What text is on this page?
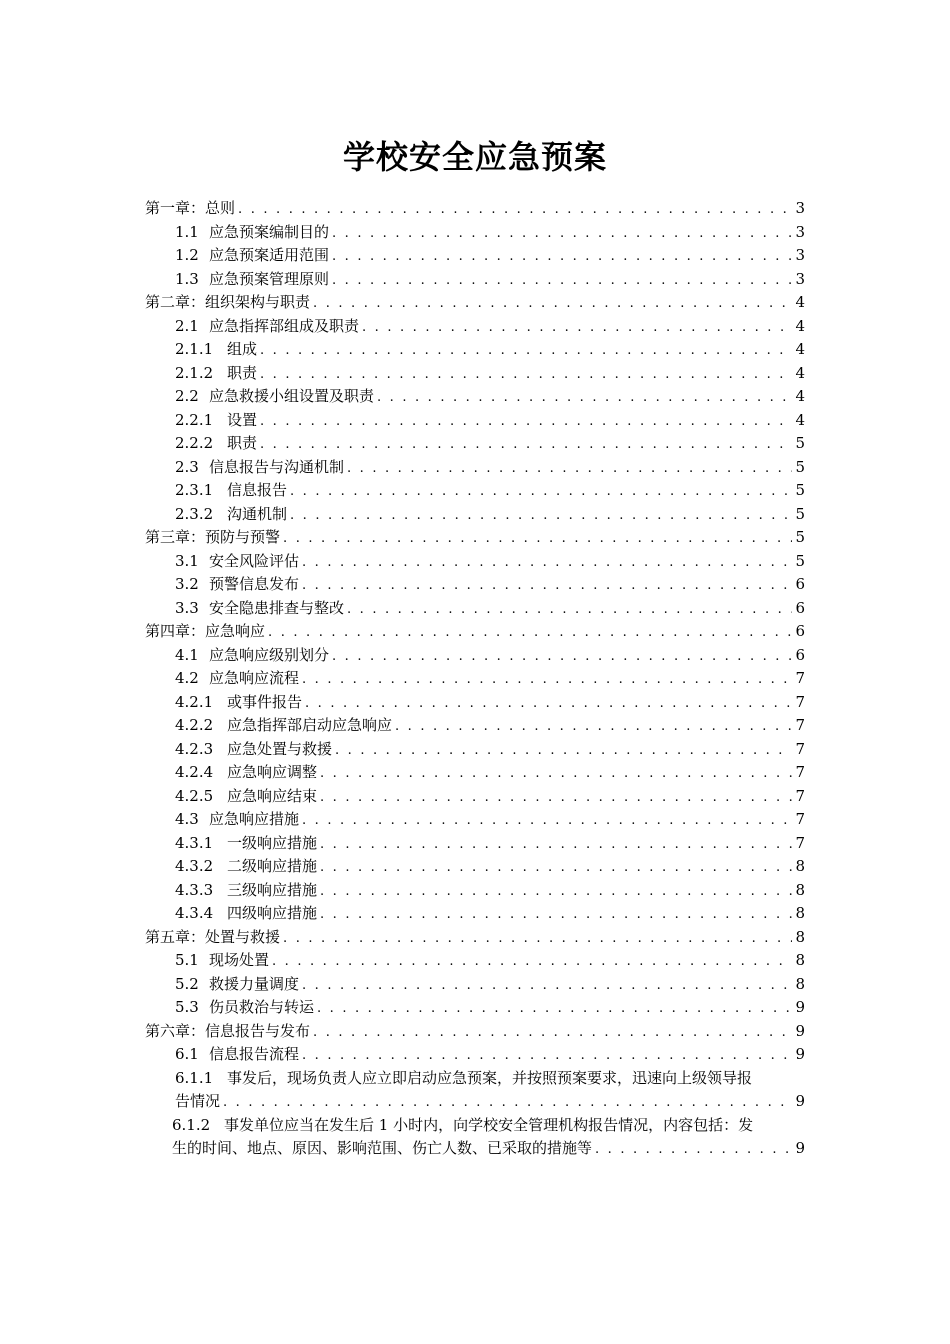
学校安全应急预案
第一章： 总则 . . .	3
1.1 应急预案编制目的 . . .	3
1.2 应急预案适用范围 . . .	3
1.3 应急预案管理原则 . . .	3
第二章： 组织架构与职责 . . .	4
2.1 应急指挥部组成及职责 . . .	4
2.1.1 组成 . . .	4
2.1.2 职责 . . .	4
2.2 应急救援小组设置及职责 . . .	4
2.2.1 设置 . . .	4
2.2.2 职责 . . .	5
2.3 信息报告与沟通机制 . . .	5
2.3.1 信息报告 . . .	5
2.3.2 沟通机制 . . .	5
第三章： 预防与预警 . . .	5
3.1 安全风险评估 . . .	5
3.2 预警信息发布 . . .	6
3.3 安全隐患排查与整改 . . .	6
第四章： 应急响应 . . .	6
4.1 应急响应级别划分 . . .	6
4.2 应急响应流程 . . .	7
4.2.1 或事件报告 . . .	7
4.2.2 应急指挥部启动应急响应 . . .	7
4.2.3 应急处置与救援 . . .	7
4.2.4 应急响应调整 . . .	7
4.2.5 应急响应结束 . . .	7
4.3 应急响应措施 . . .	7
4.3.1 一级响应措施 . . .	7
4.3.2 二级响应措施 . . .	8
4.3.3 三级响应措施 . . .	8
4.3.4 四级响应措施 . . .	8
第五章： 处置与救援 . . .	8
5.1 现场处置 . . .	8
5.2 救援力量调度 . . .	8
5.3 伤员救治与转运 . . .	9
第六章： 信息报告与发布 . . .	9
6.1 信息报告流程 . . .	9
6.1.1 事发后，现场负责人应立即启动应急预案，并按照预案要求，迅速向上级领导报
告情况 . . .	9
6.1.2 事发单位应当在发生后 1 小时内，向学校安全管理机构报告情况，内容包括：发
生的时间、地点、原因、影响范围、伤亡人数、已采取的措施等 . . .	9
